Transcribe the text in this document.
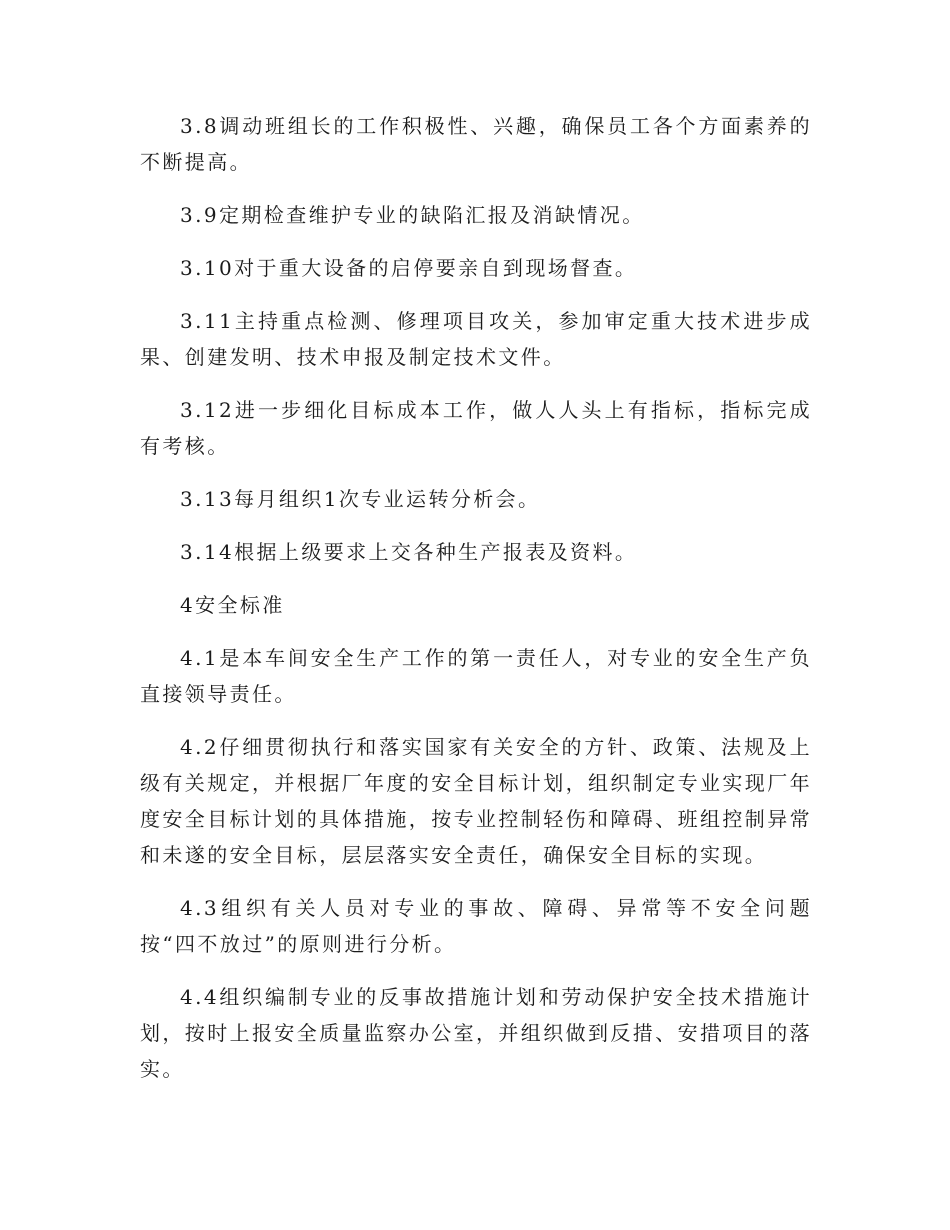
3.8调动班组长的工作积极性、兴趣，确保员工各个方面素养的不断提高。

3.9定期检查维护专业的缺陷汇报及消缺情况。

3.10对于重大设备的启停要亲自到现场督查。

3.11主持重点检测、修理项目攻关，参加审定重大技术进步成果、创建发明、技术申报及制定技术文件。

3.12进一步细化目标成本工作，做人人头上有指标，指标完成有考核。

3.13每月组织1次专业运转分析会。

3.14根据上级要求上交各种生产报表及资料。

4安全标准

4.1是本车间安全生产工作的第一责任人，对专业的安全生产负直接领导责任。

4.2仔细贯彻执行和落实国家有关安全的方针、政策、法规及上级有关规定，并根据厂年度的安全目标计划，组织制定专业实现厂年度安全目标计划的具体措施，按专业控制轻伤和障碍、班组控制异常和未遂的安全目标，层层落实安全责任，确保安全目标的实现。

4.3组织有关人员对专业的事故、障碍、异常等不安全问题按“四不放过”的原则进行分析。

4.4组织编制专业的反事故措施计划和劳动保护安全技术措施计划，按时上报安全质量监察办公室，并组织做到反措、安措项目的落实。
